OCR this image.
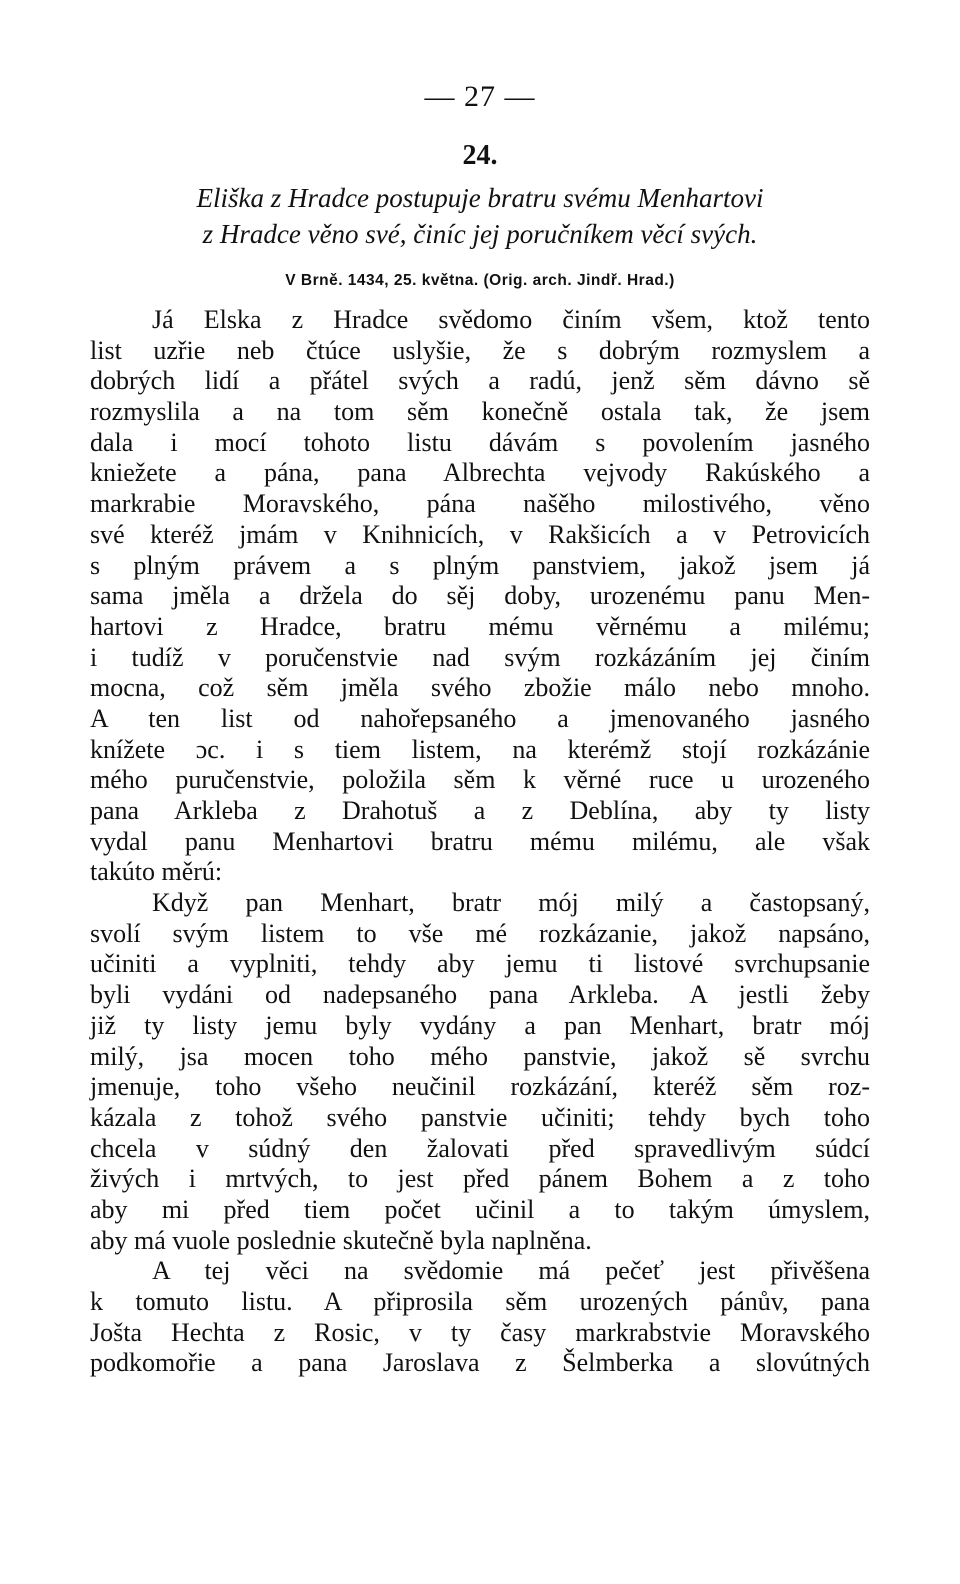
— 27 —
24.
Eliška z Hradce postupuje bratru svému Menhartovi
z Hradce věno své, činíc jej poručníkem věcí svých.
V Brně. 1434, 25. května. (Orig. arch. Jindř. Hrad.)
Já Elska z Hradce svědomo činím všem, ktož tento
list uzřie neb čtúce uslyšie, že s dobrým rozmyslem a
dobrých lidí a přátel svých a radú, jenž sěm dávno sě
rozmyslila a na tom sěm konečně ostala tak, že jsem
dala i mocí tohoto listu dávám s povolením jasného
kniežete a pána, pana Albrechta vejvody Rakúského a
markrabie Moravského, pána našěho milostivého, věno
své kteréž jmám v Knihnicích, v Rakšicích a v Petrovicích
s plným právem a s plným panstviem, jakož jsem já
sama jměla a držela do sěj doby, urozenému panu Men-
hartovi z Hradce, bratru mému věrnému a milému;
i tudíž v poručenstvie nad svým rozkázáním jej činím
mocna, což sěm jměla svého zbožie málo nebo mnoho.
A ten list od nahořepsaného a jmenovaného jasného
knížete ɔc. i s tiem listem, na kterémž stojí rozkázánie
mého puručenstvie, položila sěm k věrné ruce u urozeného
pana Arkleba z Drahotuš a z Deblína, aby ty listy
vydal panu Menhartovi bratru mému milému, ale však
takúto měrú:
Když pan Menhart, bratr mój milý a častopsaný,
svolí svým listem to vše mé rozkázanie, jakož napsáno,
učiniti a vyplniti, tehdy aby jemu ti listové svrchupsanie
byli vydáni od nadepsaného pana Arkleba. A jestli žeby
již ty listy jemu byly vydány a pan Menhart, bratr mój
milý, jsa mocen toho mého panstvie, jakož sě svrchu
jmenuje, toho všeho neučinil rozkázání, kteréž sěm roz-
kázala z tohož svého panstvie učiniti; tehdy bych toho
chcela v súdný den žalovati před spravedlivým súdcí
živých i mrtvých, to jest před pánem Bohem a z toho
aby mi před tiem počet učinil a to takým úmyslem,
aby má vuole poslednie skutečně byla naplněna.
A tej věci na svědomie má pečeť jest přivěšena
k tomuto listu. A připrosila sěm urozených pánův, pana
Jošta Hechta z Rosic, v ty časy markrabstvie Moravského
podkomořie a pana Jaroslava z Šelmberka a slovútných
